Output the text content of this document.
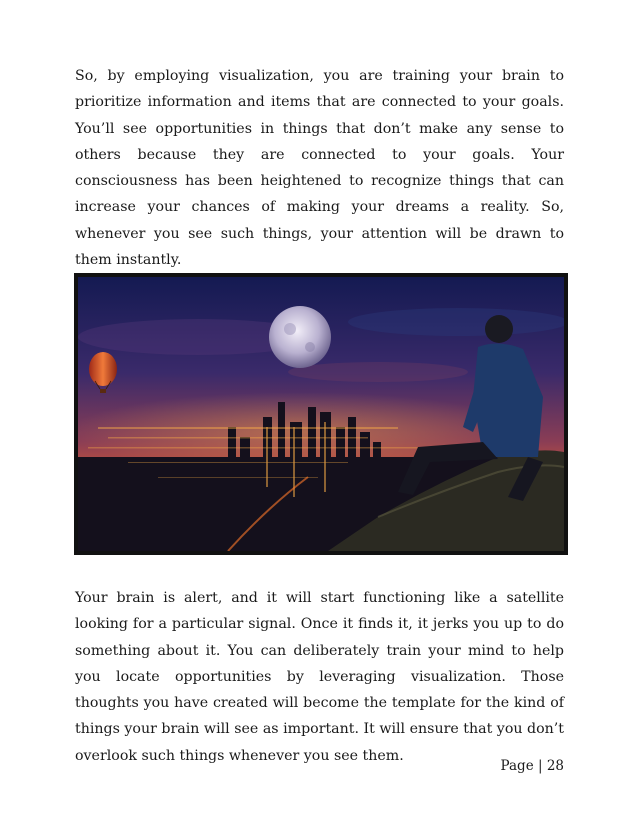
So, by employing visualization, you are training your brain to prioritize information and items that are connected to your goals. You’ll see opportunities in things that don’t make any sense to others because they are connected to your goals. Your consciousness has been heightened to recognize things that can increase your chances of making your dreams a reality. So, whenever you see such things, your attention will be drawn to them instantly.

Your brain is alert, and it will start functioning like a satellite looking for a particular signal. Once it finds it, it jerks you up to do something about it. You can deliberately train your mind to help you locate opportunities by leveraging visualization. Those thoughts you have created will become the template for the kind of things your brain will see as important. It will ensure that you don’t overlook such things whenever you see them.

Page | 28
